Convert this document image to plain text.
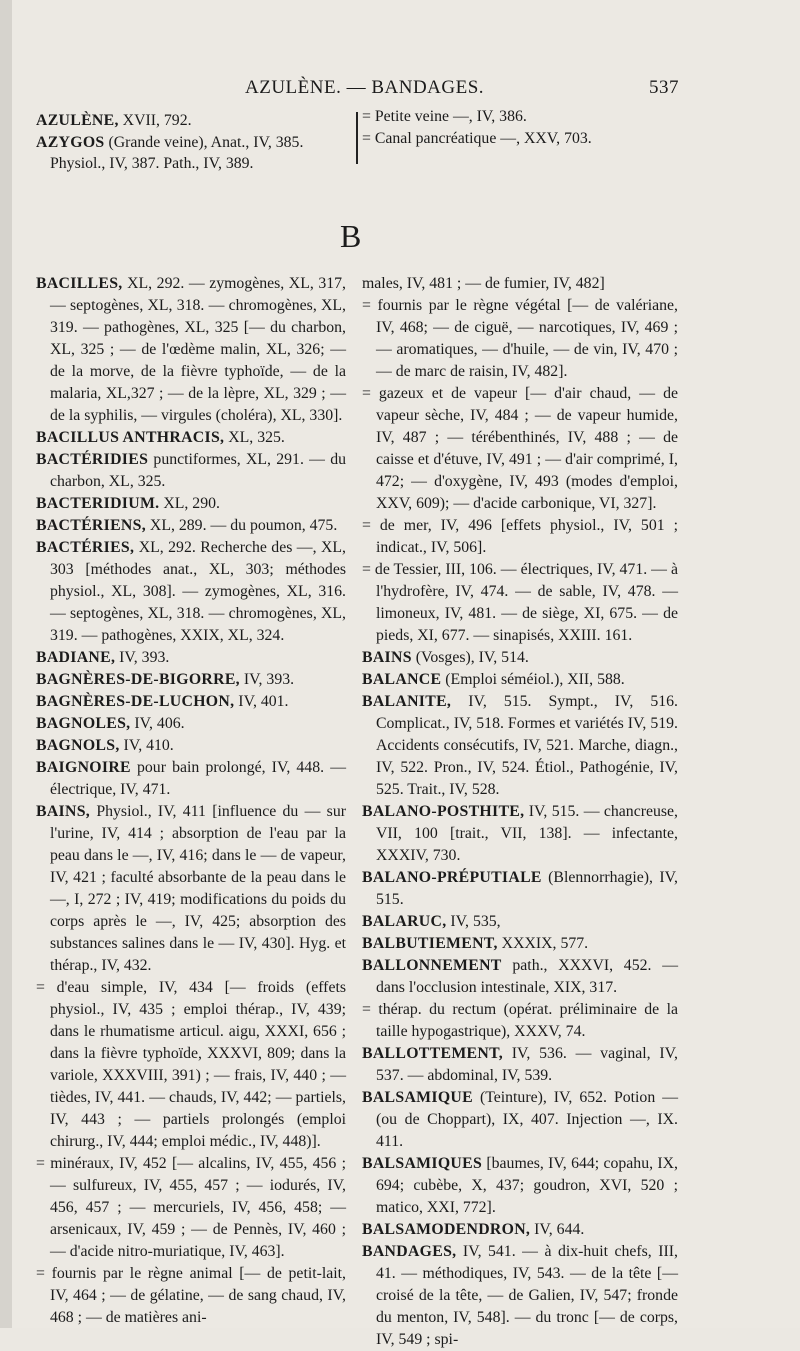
AZULÈNE. — BANDAGES.	537

AZULÈNE, XVII, 792.

AZYGOS (Grande veine), Anat., IV, 385. Physiol., IV, 387. Path., IV, 389.

= Petite veine —, IV, 386.

= Canal pancréatique —, XXV, 703.

B

BACILLES, XL, 292. — zymogènes, XL, 317, — septogènes, XL, 318. — chromogènes, XL, 319. — pathogènes, XL, 325 [— du charbon, XL, 325 ; — de l'œdème malin, XL, 326; — de la morve, de la fièvre typhoïde, — de la malaria, XL,327 ; — de la lèpre, XL, 329 ; — de la syphilis, — virgules (choléra), XL, 330].

BACILLUS ANTHRACIS, XL, 325.

BACTÉRIDIES punctiformes, XL, 291. — du charbon, XL, 325.

BACTERIDIUM. XL, 290.

BACTÉRIENS, XL, 289. — du poumon, 475.

BACTÉRIES, XL, 292. Recherche des —, XL, 303 [méthodes anat., XL, 303; méthodes physiol., XL, 308]. — zymogènes, XL, 316. — septogènes, XL, 318. — chromogènes, XL, 319. — pathogènes, XXIX, XL, 324.

BADIANE, IV, 393.

BAGNÈRES-DE-BIGORRE, IV, 393.

BAGNÈRES-DE-LUCHON, IV, 401.

BAGNOLES, IV, 406.

BAGNOLS, IV, 410.

BAIGNOIRE pour bain prolongé, IV, 448. — électrique, IV, 471.

BAINS, Physiol., IV, 411 [influence du — sur l'urine, IV, 414 ; absorption de l'eau par la peau dans le —, IV, 416; dans le — de vapeur, IV, 421 ; faculté absorbante de la peau dans le —, I, 272 ; IV, 419; modifications du poids du corps après le —, IV, 425; absorption des substances salines dans le — IV, 430]. Hyg. et thérap., IV, 432.

= d'eau simple, IV, 434 [— froids (effets physiol., IV, 435 ; emploi thérap., IV, 439; dans le rhumatisme articul. aigu, XXXI, 656 ; dans la fièvre typhoïde, XXXVI, 809; dans la variole, XXXVIII, 391) ; — frais, IV, 440 ; — tièdes, IV, 441. — chauds, IV, 442; — partiels, IV, 443 ; — partiels prolongés (emploi chirurg., IV, 444; emploi médic., IV, 448)].

= minéraux, IV, 452 [— alcalins, IV, 455, 456 ; — sulfureux, IV, 455, 457 ; — iodurés, IV, 456, 457 ; — mercuriels, IV, 456, 458; — arsenicaux, IV, 459 ; — de Pennès, IV, 460 ; — d'acide nitro-muriatique, IV, 463].

= fournis par le règne animal [— de petit-lait, IV, 464 ; — de gélatine, — de sang chaud, IV, 468 ; — de matières ani-

males, IV, 481 ; — de fumier, IV, 482]

= fournis par le règne végétal [— de valériane, IV, 468; — de ciguë, — narcotiques, IV, 469 ; — aromatiques, — d'huile, — de vin, IV, 470 ; — de marc de raisin, IV, 482].

= gazeux et de vapeur [— d'air chaud, — de vapeur sèche, IV, 484 ; — de vapeur humide, IV, 487 ; — térébenthinés, IV, 488 ; — de caisse et d'étuve, IV, 491 ; — d'air comprimé, I, 472; — d'oxygène, IV, 493 (modes d'emploi, XXV, 609); — d'acide carbonique, VI, 327].

= de mer, IV, 496 [effets physiol., IV, 501 ; indicat., IV, 506].

= de Tessier, III, 106. — électriques, IV, 471. — à l'hydrofère, IV, 474. — de sable, IV, 478. — limoneux, IV, 481. — de siège, XI, 675. — de pieds, XI, 677. — sinapisés, XXIII. 161.

BAINS (Vosges), IV, 514.

BALANCE (Emploi séméiol.), XII, 588.

BALANITE, IV, 515. Sympt., IV, 516. Complicat., IV, 518. Formes et variétés IV, 519. Accidents consécutifs, IV, 521. Marche, diagn., IV, 522. Pron., IV, 524. Étiol., Pathogénie, IV, 525. Trait., IV, 528.

BALANO-POSTHITE, IV, 515. — chancreuse, VII, 100 [trait., VII, 138]. — infectante, XXXIV, 730.

BALANO-PRÉPUTIALE (Blennorrhagie), IV, 515.

BALARUC, IV, 535,

BALBUTIEMENT, XXXIX, 577.

BALLONNEMENT path., XXXVI, 452. — dans l'occlusion intestinale, XIX, 317.

= thérap. du rectum (opérat. préliminaire de la taille hypogastrique), XXXV, 74.

BALLOTTEMENT, IV, 536. — vaginal, IV, 537. — abdominal, IV, 539.

BALSAMIQUE (Teinture), IV, 652. Potion — (ou de Choppart), IX, 407. Injection —, IX. 411.

BALSAMIQUES [baumes, IV, 644; copahu, IX, 694; cubèbe, X, 437; goudron, XVI, 520 ; matico, XXI, 772].

BALSAMODENDRON, IV, 644.

BANDAGES, IV, 541. — à dix-huit chefs, III, 41. — méthodiques, IV, 543. — de la tête [— croisé de la tête, — de Galien, IV, 547; fronde du menton, IV, 548]. — du tronc [— de corps, IV, 549 ; spi-
